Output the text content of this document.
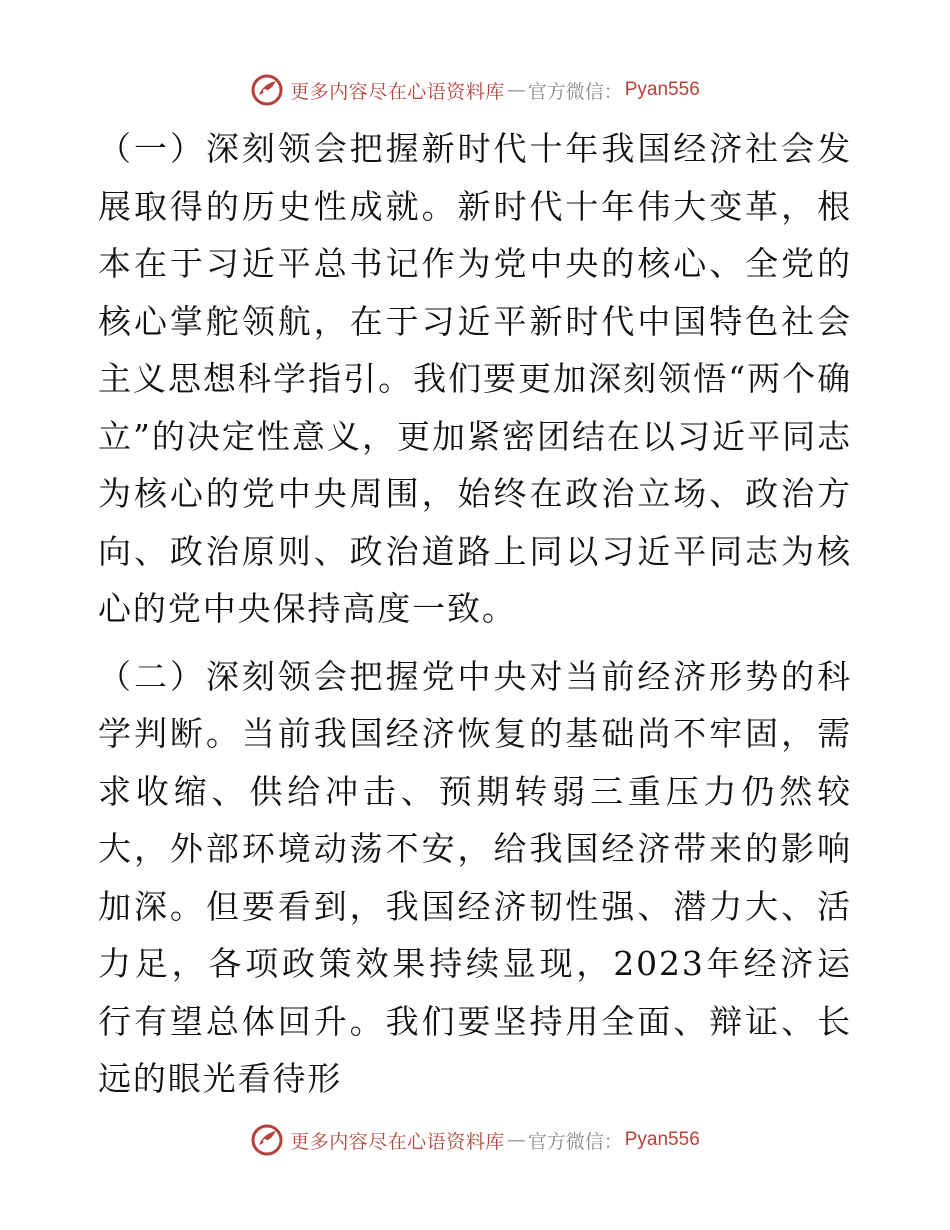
更多内容尽在心语资料库 — 官方微信： Pyan556

（一）深刻领会把握新时代十年我国经济社会发展取得的历史性成就。新时代十年伟大变革，根本在于习近平总书记作为党中央的核心、全党的核心掌舵领航，在于习近平新时代中国特色社会主义思想科学指引。我们要更加深刻领悟“两个确立”的决定性意义，更加紧密团结在以习近平同志为核心的党中央周围，始终在政治立场、政治方向、政治原则、政治道路上同以习近平同志为核心的党中央保持高度一致。

（二）深刻领会把握党中央对当前经济形势的科学判断。当前我国经济恢复的基础尚不牢固，需求收缩、供给冲击、预期转弱三重压力仍然较大，外部环境动荡不安，给我国经济带来的影响加深。但要看到，我国经济韧性强、潜力大、活力足，各项政策效果持续显现，2023年经济运行有望总体回升。我们要坚持用全面、辩证、长远的眼光看待形

更多内容尽在心语资料库 — 官方微信： Pyan556
